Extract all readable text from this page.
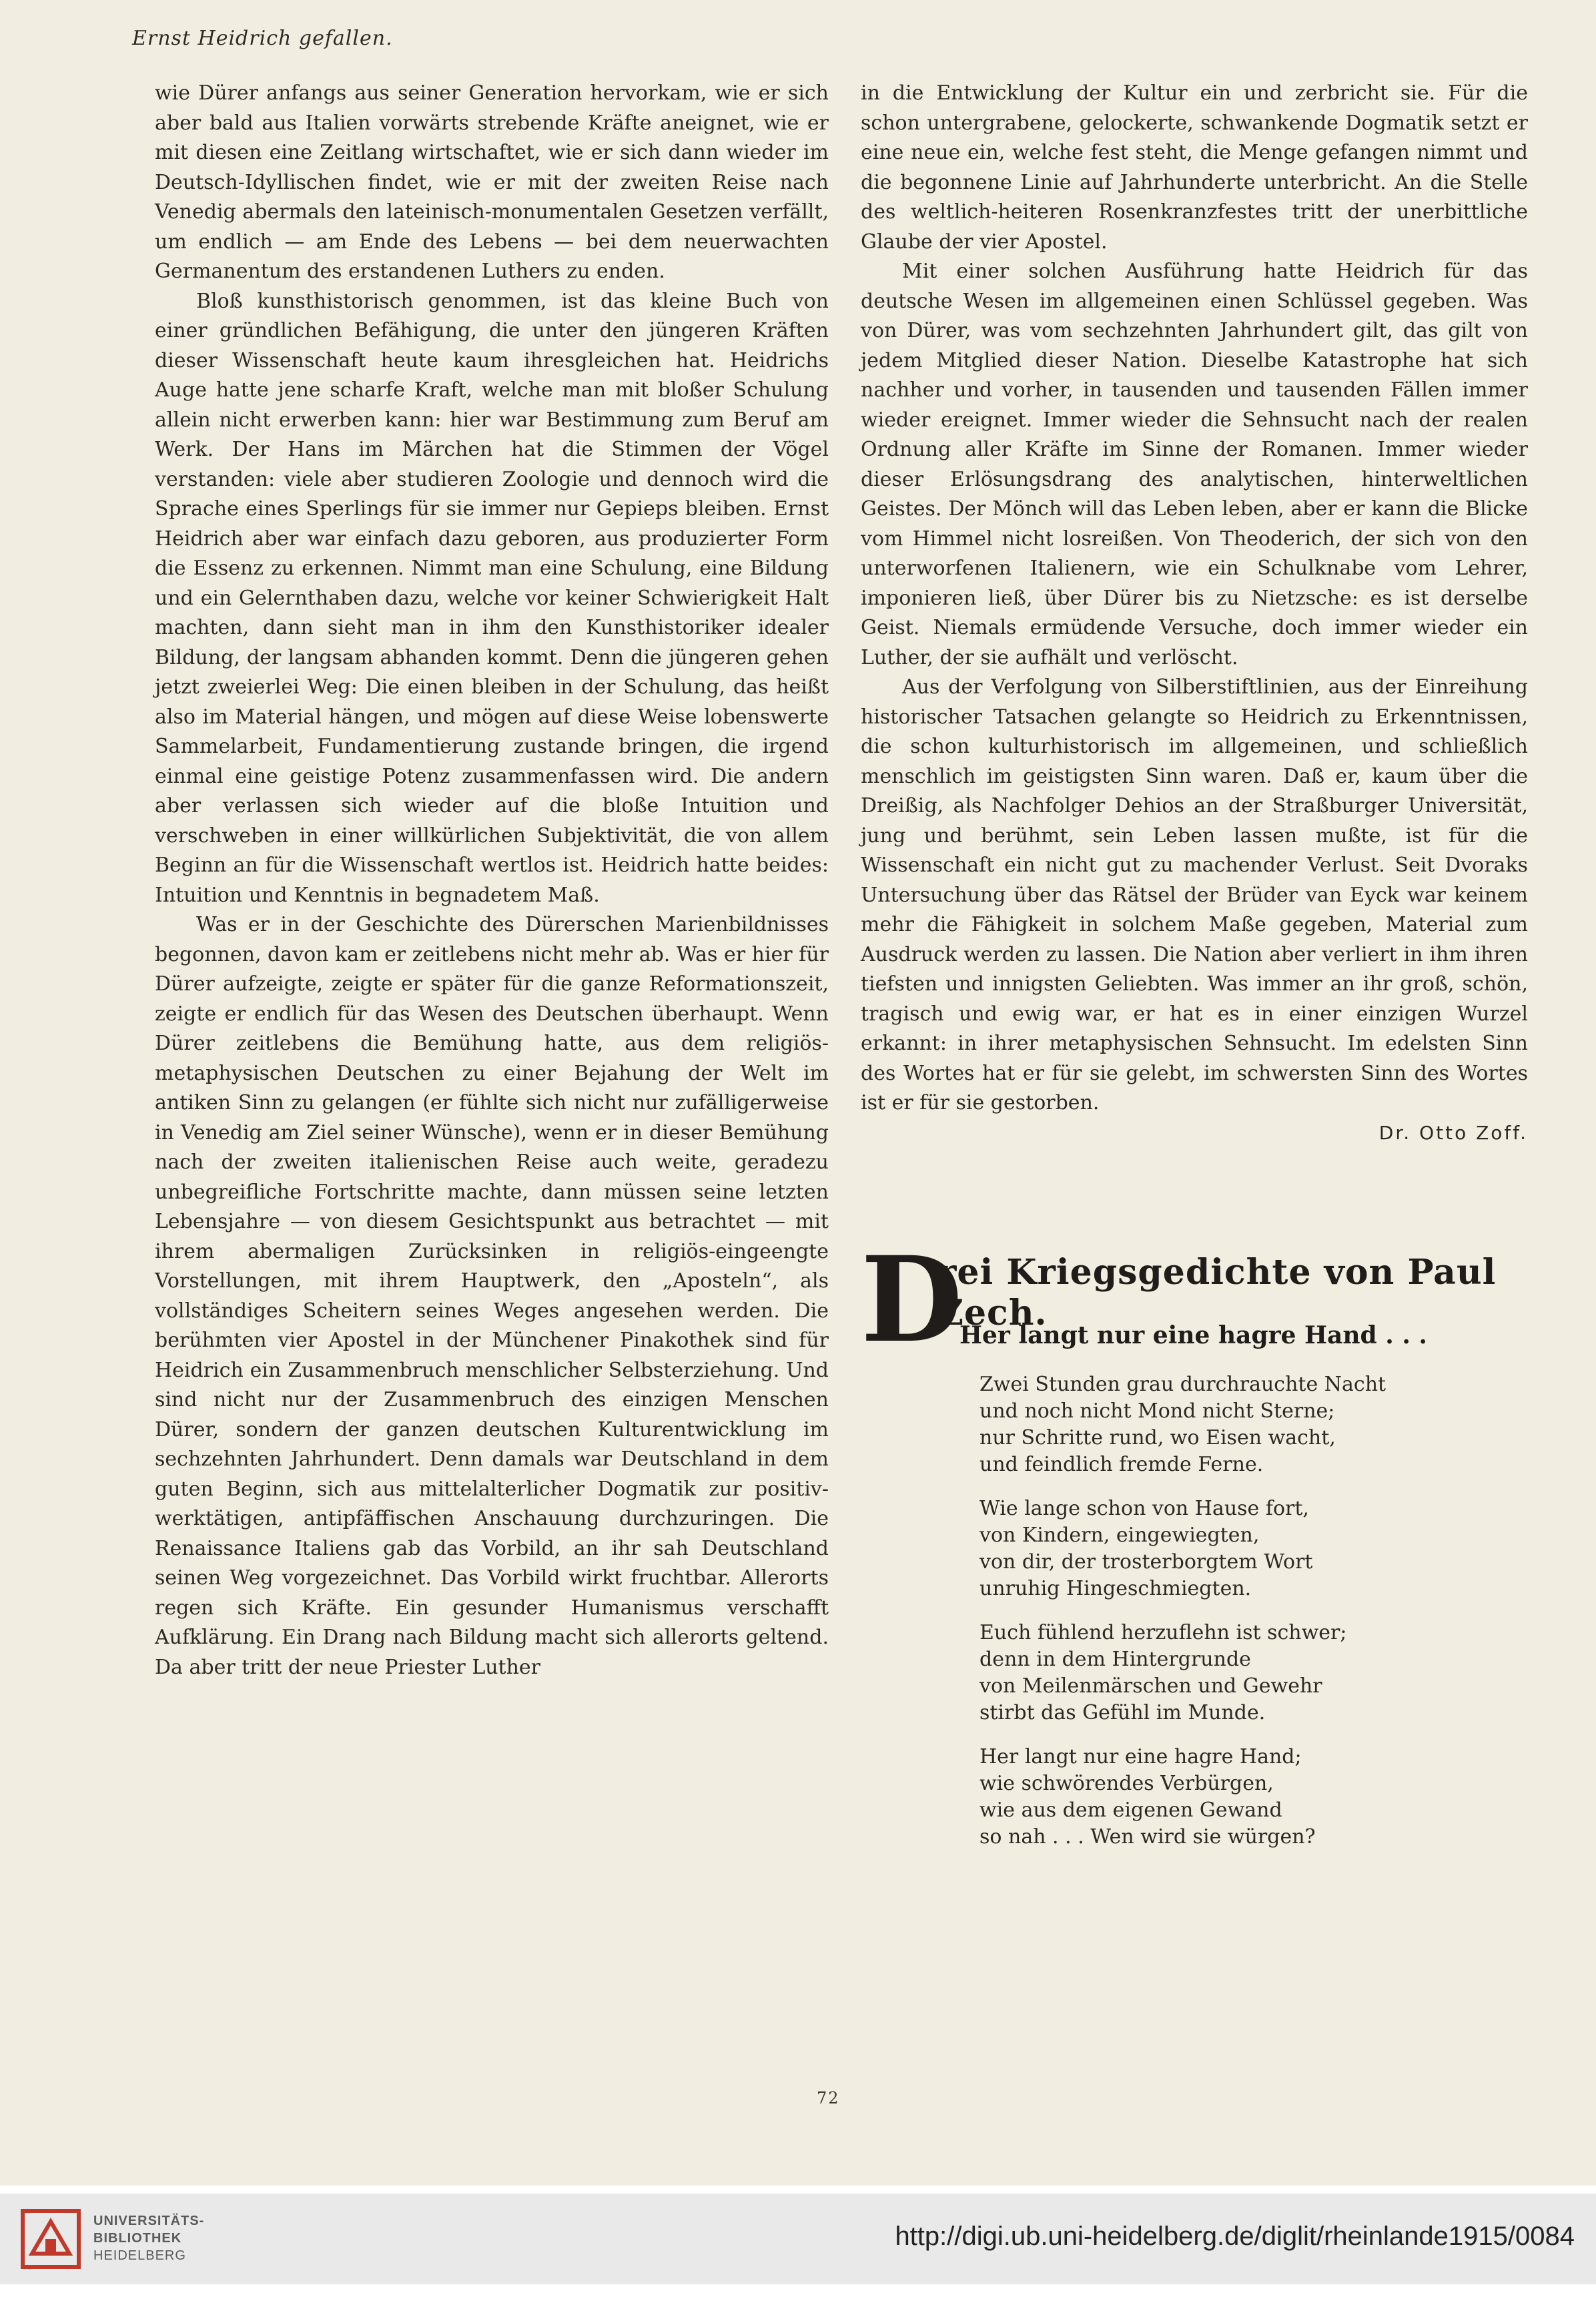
Ernst Heidrich gefallen.

wie Dürer anfangs aus seiner Generation hervorkam, wie er sich aber bald aus Italien vorwärts strebende Kräfte aneignet, wie er mit diesen eine Zeitlang wirtschaftet, wie er sich dann wieder im Deutsch-Idyllischen findet, wie er mit der zweiten Reise nach Venedig abermals den lateinisch-monumentalen Gesetzen verfällt, um endlich — am Ende des Lebens — bei dem neuerwachten Germanentum des erstandenen Luthers zu enden.

Bloß kunsthistorisch genommen, ist das kleine Buch von einer gründlichen Befähigung, die unter den jüngeren Kräften dieser Wissenschaft heute kaum ihresgleichen hat. Heidrichs Auge hatte jene scharfe Kraft, welche man mit bloßer Schulung allein nicht erwerben kann: hier war Bestimmung zum Beruf am Werk. Der Hans im Märchen hat die Stimmen der Vögel verstanden: viele aber studieren Zoologie und dennoch wird die Sprache eines Sperlings für sie immer nur Gepieps bleiben. Ernst Heidrich aber war einfach dazu geboren, aus produzierter Form die Essenz zu erkennen. Nimmt man eine Schulung, eine Bildung und ein Gelernthaben dazu, welche vor keiner Schwierigkeit Halt machten, dann sieht man in ihm den Kunsthistoriker idealer Bildung, der langsam abhanden kommt. Denn die jüngeren gehen jetzt zweierlei Weg: Die einen bleiben in der Schulung, das heißt also im Material hängen, und mögen auf diese Weise lobenswerte Sammelarbeit, Fundamentierung zustande bringen, die irgend einmal eine geistige Potenz zusammenfassen wird. Die andern aber verlassen sich wieder auf die bloße Intuition und verschweben in einer willkürlichen Subjektivität, die von allem Beginn an für die Wissenschaft wertlos ist. Heidrich hatte beides: Intuition und Kenntnis in begnadetem Maß.

Was er in der Geschichte des Dürerschen Marienbildnisses begonnen, davon kam er zeitlebens nicht mehr ab. Was er hier für Dürer aufzeigte, zeigte er später für die ganze Reformationszeit, zeigte er endlich für das Wesen des Deutschen überhaupt. Wenn Dürer zeitlebens die Bemühung hatte, aus dem religiös-metaphysischen Deutschen zu einer Bejahung der Welt im antiken Sinn zu gelangen (er fühlte sich nicht nur zufälligerweise in Venedig am Ziel seiner Wünsche), wenn er in dieser Bemühung nach der zweiten italienischen Reise auch weite, geradezu unbegreifliche Fortschritte machte, dann müssen seine letzten Lebensjahre — von diesem Gesichtspunkt aus betrachtet — mit ihrem abermaligen Zurücksinken in religiös-eingeengte Vorstellungen, mit ihrem Hauptwerk, den „Aposteln“, als vollständiges Scheitern seines Weges angesehen werden. Die berühmten vier Apostel in der Münchener Pinakothek sind für Heidrich ein Zusammenbruch menschlicher Selbsterziehung. Und sind nicht nur der Zusammenbruch des einzigen Menschen Dürer, sondern der ganzen deutschen Kulturentwicklung im sechzehnten Jahrhundert. Denn damals war Deutschland in dem guten Beginn, sich aus mittelalterlicher Dogmatik zur positiv-werktätigen, antipfäffischen Anschauung durchzuringen. Die Renaissance Italiens gab das Vorbild, an ihr sah Deutschland seinen Weg vorgezeichnet. Das Vorbild wirkt fruchtbar. Allerorts regen sich Kräfte. Ein gesunder Humanismus verschafft Aufklärung. Ein Drang nach Bildung macht sich allerorts geltend. Da aber tritt der neue Priester Luther

in die Entwicklung der Kultur ein und zerbricht sie. Für die schon untergrabene, gelockerte, schwankende Dogmatik setzt er eine neue ein, welche fest steht, die Menge gefangen nimmt und die begonnene Linie auf Jahrhunderte unterbricht. An die Stelle des weltlich-heiteren Rosenkranzfestes tritt der unerbittliche Glaube der vier Apostel.

Mit einer solchen Ausführung hatte Heidrich für das deutsche Wesen im allgemeinen einen Schlüssel gegeben. Was von Dürer, was vom sechzehnten Jahrhundert gilt, das gilt von jedem Mitglied dieser Nation. Dieselbe Katastrophe hat sich nachher und vorher, in tausenden und tausenden Fällen immer wieder ereignet. Immer wieder die Sehnsucht nach der realen Ordnung aller Kräfte im Sinne der Romanen. Immer wieder dieser Erlösungsdrang des analytischen, hinterweltlichen Geistes. Der Mönch will das Leben leben, aber er kann die Blicke vom Himmel nicht losreißen. Von Theoderich, der sich von den unterworfenen Italienern, wie ein Schulknabe vom Lehrer, imponieren ließ, über Dürer bis zu Nietzsche: es ist derselbe Geist. Niemals ermüdende Versuche, doch immer wieder ein Luther, der sie aufhält und verlöscht.

Aus der Verfolgung von Silberstiftlinien, aus der Einreihung historischer Tatsachen gelangte so Heidrich zu Erkenntnissen, die schon kulturhistorisch im allgemeinen, und schließlich menschlich im geistigsten Sinn waren. Daß er, kaum über die Dreißig, als Nachfolger Dehios an der Straßburger Universität, jung und berühmt, sein Leben lassen mußte, ist für die Wissenschaft ein nicht gut zu machender Verlust. Seit Dvoraks Untersuchung über das Rätsel der Brüder van Eyck war keinem mehr die Fähigkeit in solchem Maße gegeben, Material zum Ausdruck werden zu lassen. Die Nation aber verliert in ihm ihren tiefsten und innigsten Geliebten. Was immer an ihr groß, schön, tragisch und ewig war, er hat es in einer einzigen Wurzel erkannt: in ihrer metaphysischen Sehnsucht. Im edelsten Sinn des Wortes hat er für sie gelebt, im schwersten Sinn des Wortes ist er für sie gestorben.

Dr. Otto Zoff.

D
rei Kriegsgedichte von Paul Zech.
Her langt nur eine hagre Hand . . .
Zwei Stunden grau durchrauchte Nacht
und noch nicht Mond nicht Sterne;
nur Schritte rund, wo Eisen wacht,
und feindlich fremde Ferne.
Wie lange schon von Hause fort,
von Kindern, eingewiegten,
von dir, der trosterborgtem Wort
unruhig Hingeschmiegten.
Euch fühlend herzuflehn ist schwer;
denn in dem Hintergrunde
von Meilenmärschen und Gewehr
stirbt das Gefühl im Munde.
Her langt nur eine hagre Hand;
wie schwörendes Verbürgen,
wie aus dem eigenen Gewand
so nah . . . Wen wird sie würgen?
72
UNIVERSITÄTS-
BIBLIOTHEK
HEIDELBERG
http://digi.ub.uni-heidelberg.de/diglit/rheinlande1915/0084
